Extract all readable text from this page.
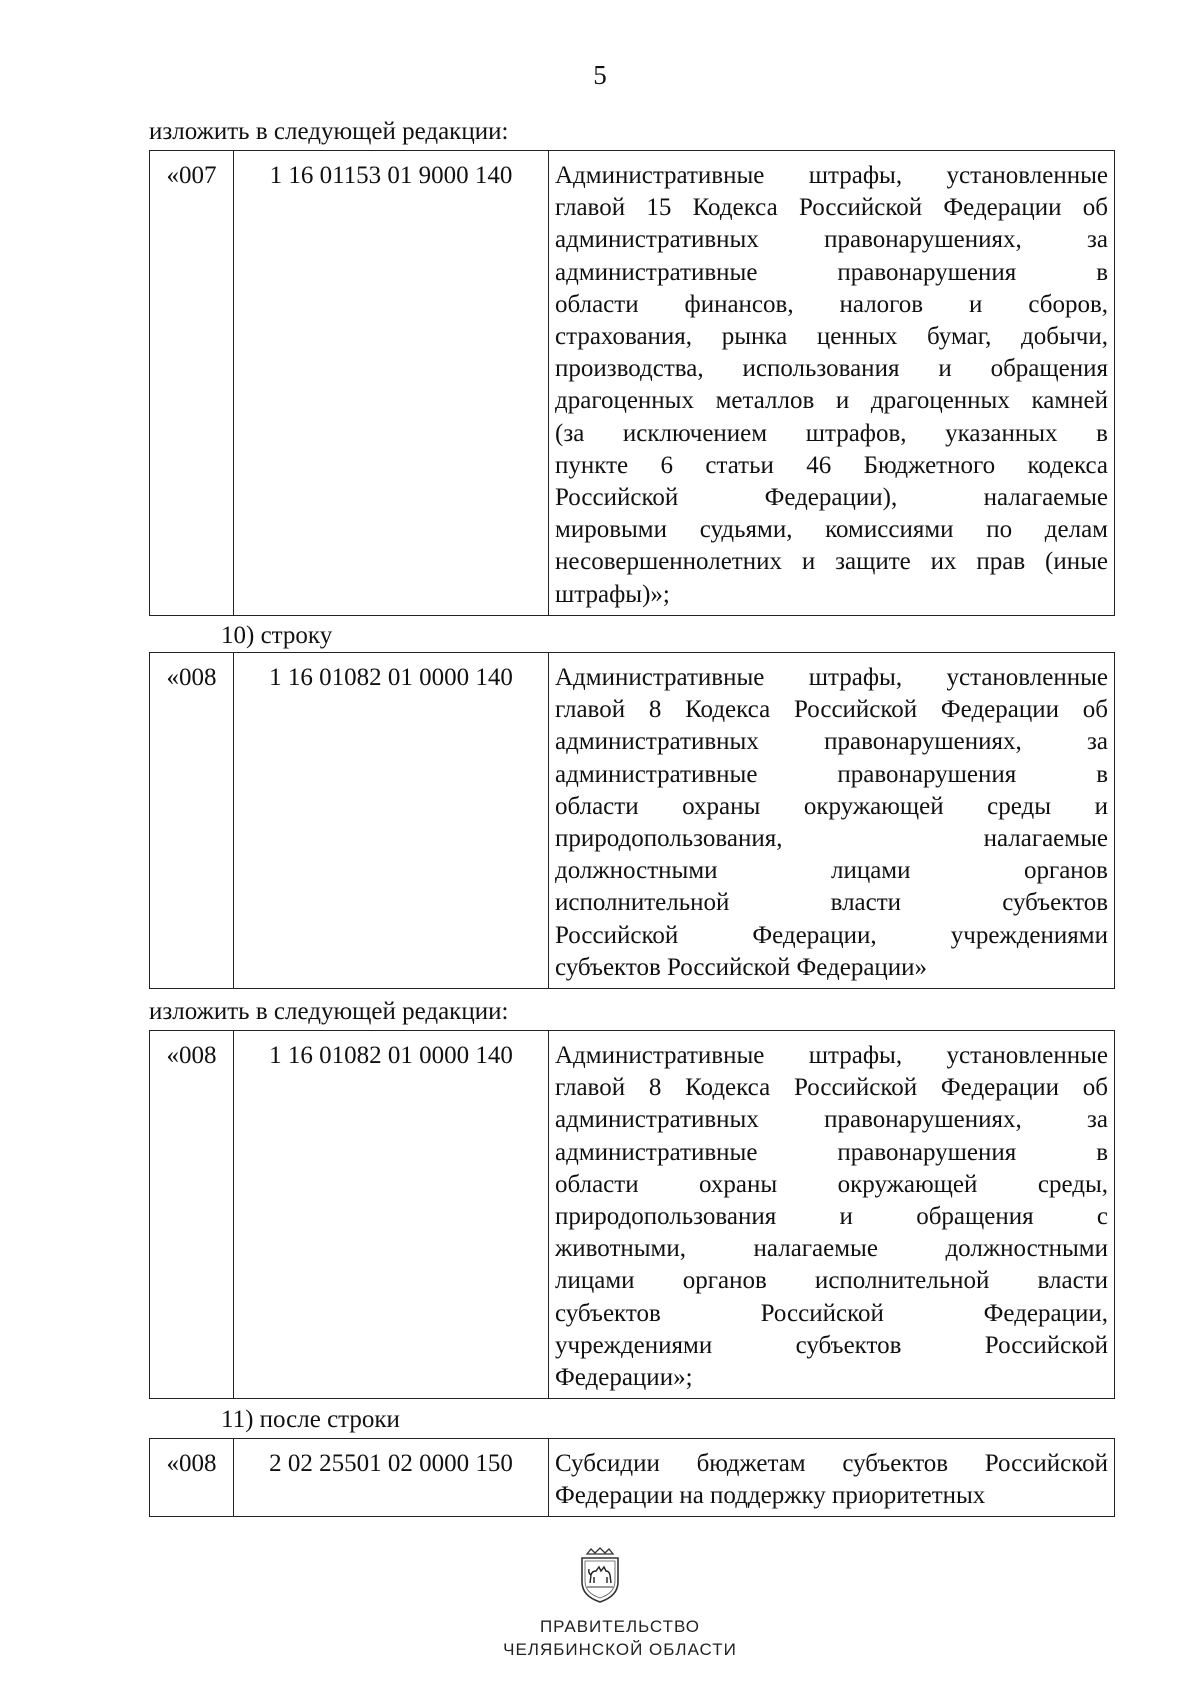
5
изложить в следующей редакции:
«007	1 16 01153 01 9000 140	Административные штрафы, установленные
главой 15 Кодекса Российской Федерации об
административных правонарушениях, за
административные правонарушения в
области финансов, налогов и сборов,
страхования, рынка ценных бумаг, добычи,
производства, использования и обращения
драгоценных металлов и драгоценных камней
(за исключением штрафов, указанных в
пункте 6 статьи 46 Бюджетного кодекса
Российской Федерации), налагаемые
мировыми судьями, комиссиями по делам
несовершеннолетних и защите их прав (иные
штрафы)»;
10) строку
«008	1 16 01082 01 0000 140	Административные штрафы, установленные
главой 8 Кодекса Российской Федерации об
административных правонарушениях, за
административные правонарушения в
области охраны окружающей среды и
природопользования, налагаемые
должностными лицами органов
исполнительной власти субъектов
Российской Федерации, учреждениями
субъектов Российской Федерации»
изложить в следующей редакции:
«008	1 16 01082 01 0000 140	Административные штрафы, установленные
главой 8 Кодекса Российской Федерации об
административных правонарушениях, за
административные правонарушения в
области охраны окружающей среды,
природопользования и обращения с
животными, налагаемые должностными
лицами органов исполнительной власти
субъектов Российской Федерации,
учреждениями субъектов Российской
Федерации»;
11) после строки
«008	2 02 25501 02 0000 150	Субсидии бюджетам субъектов Российской
Федерации на поддержку приоритетных
ПРАВИТЕЛЬСТВО
ЧЕЛЯБИНСКОЙ ОБЛАСТИ
